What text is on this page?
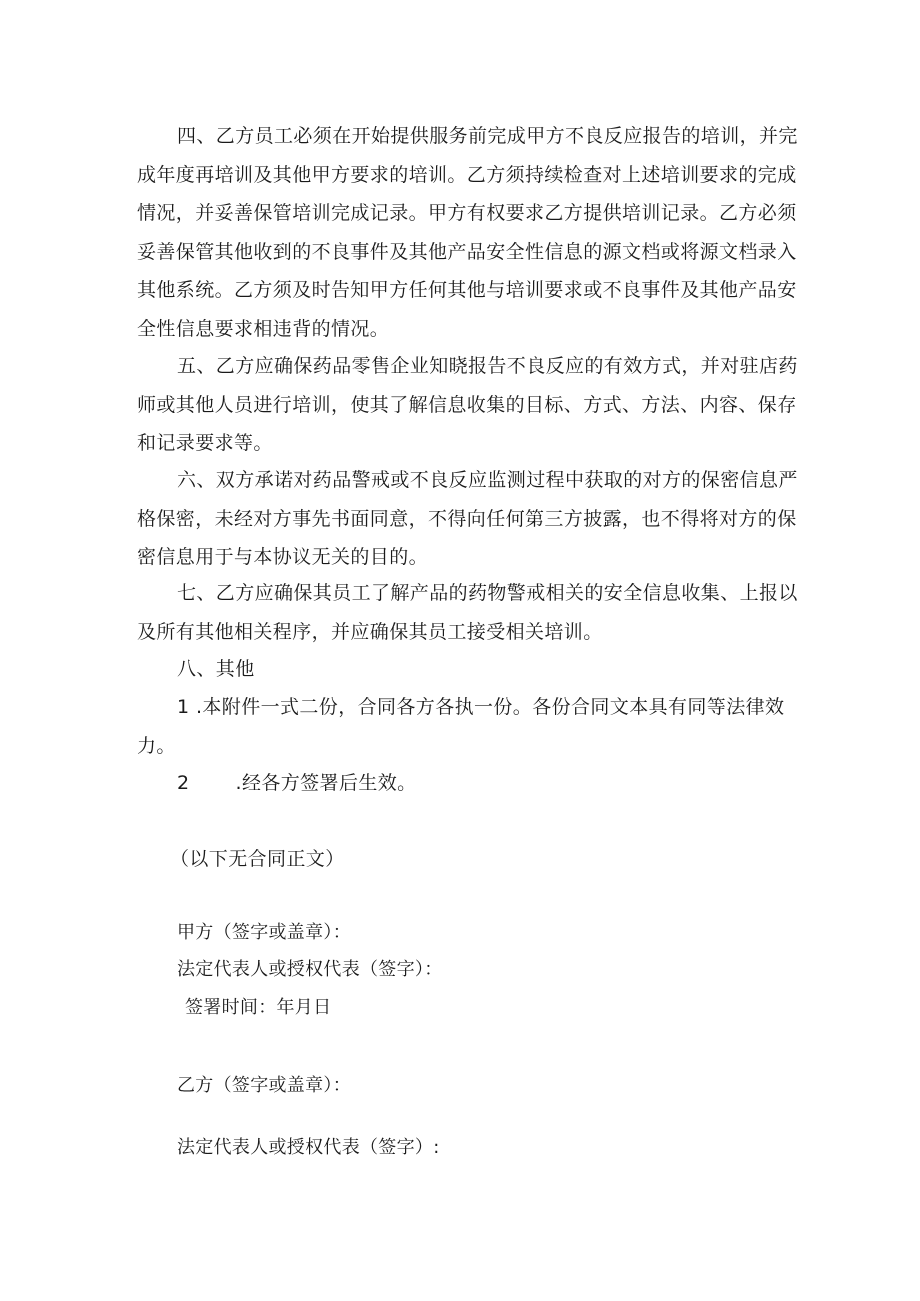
四、乙方员工必须在开始提供服务前完成甲方不良反应报告的培训，并完成年度再培训及其他甲方要求的培训。乙方须持续检查对上述培训要求的完成情况，并妥善保管培训完成记录。甲方有权要求乙方提供培训记录。乙方必须妥善保管其他收到的不良事件及其他产品安全性信息的源文档或将源文档录入其他系统。乙方须及时告知甲方任何其他与培训要求或不良事件及其他产品安全性信息要求相违背的情况。

五、乙方应确保药品零售企业知晓报告不良反应的有效方式，并对驻店药师或其他人员进行培训，使其了解信息收集的目标、方式、方法、内容、保存和记录要求等。

六、双方承诺对药品警戒或不良反应监测过程中获取的对方的保密信息严格保密，未经对方事先书面同意，不得向任何第三方披露，也不得将对方的保密信息用于与本协议无关的目的。

七、乙方应确保其员工了解产品的药物警戒相关的安全信息收集、上报以及所有其他相关程序，并应确保其员工接受相关培训。

八、其他

1 .本附件一式二份，合同各方各执一份。各份合同文本具有同等法律效力。

2 .经各方签署后生效。

（以下无合同正文）

甲方（签字或盖章）：

法定代表人或授权代表（签字）：

签署时间：年月日

乙方（签字或盖章）：

法定代表人或授权代表（签字）:
